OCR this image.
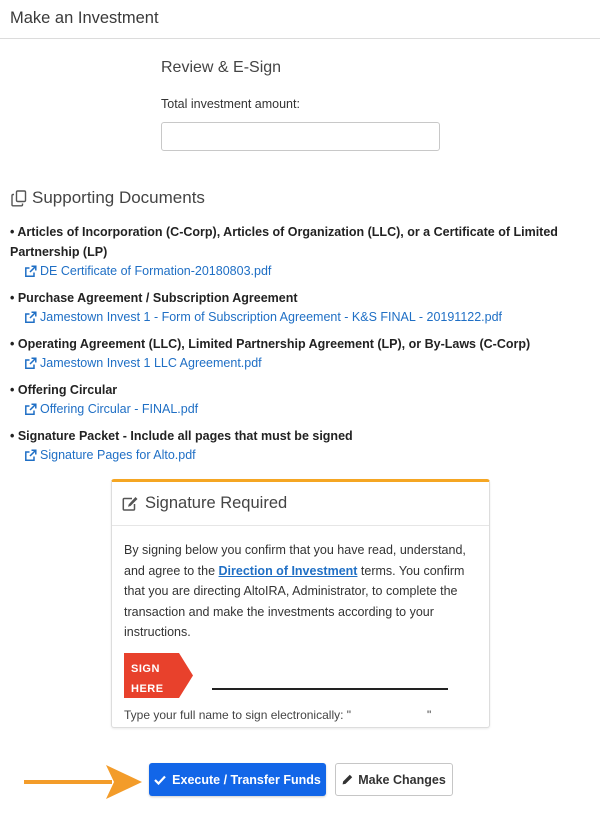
Make an Investment
Review & E-Sign
Total investment amount:
Supporting Documents
• Articles of Incorporation (C-Corp), Articles of Organization (LLC), or a Certificate of Limited Partnership (LP)
DE Certificate of Formation-20180803.pdf
• Purchase Agreement / Subscription Agreement
Jamestown Invest 1 - Form of Subscription Agreement - K&S FINAL - 20191122.pdf
• Operating Agreement (LLC), Limited Partnership Agreement (LP), or By-Laws (C-Corp)
Jamestown Invest 1 LLC Agreement.pdf
• Offering Circular
Offering Circular - FINAL.pdf
• Signature Packet - Include all pages that must be signed
Signature Pages for Alto.pdf
Signature Required

By signing below you confirm that you have read, understand, and agree to the Direction of Investment terms. You confirm that you are directing AltoIRA, Administrator, to complete the transaction and make the investments according to your instructions.

SIGN
HERE
Type your full name to sign electronically: "	"
Execute / Transfer Funds	Make Changes
